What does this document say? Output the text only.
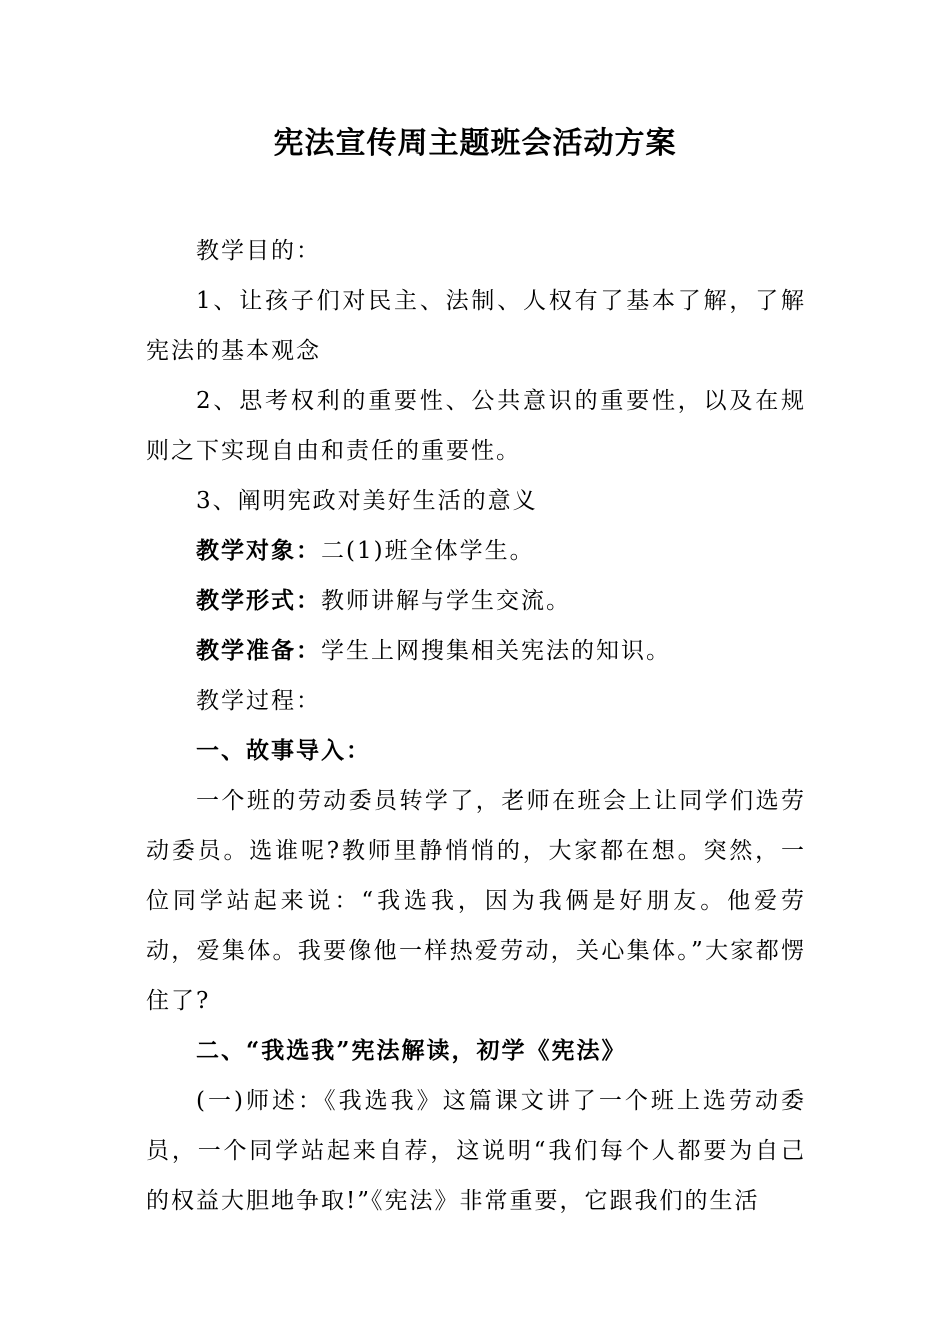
宪法宣传周主题班会活动方案

教学目的：

1、让孩子们对民主、法制、人权有了基本了解，了解宪法的基本观念

2、思考权利的重要性、公共意识的重要性，以及在规则之下实现自由和责任的重要性。

3、阐明宪政对美好生活的意义

教学对象：二(1)班全体学生。

教学形式：教师讲解与学生交流。

教学准备：学生上网搜集相关宪法的知识。

教学过程：

一、故事导入：

一个班的劳动委员转学了，老师在班会上让同学们选劳动委员。选谁呢?教师里静悄悄的，大家都在想。突然，一位同学站起来说：“我选我，因为我俩是好朋友。他爱劳动，爱集体。我要像他一样热爱劳动，关心集体。”大家都愣住了?

二、“我选我”宪法解读，初学《宪法》

(一)师述：《我选我》这篇课文讲了一个班上选劳动委员，一个同学站起来自荐，这说明“我们每个人都要为自己的权益大胆地争取!”《宪法》非常重要，它跟我们的生活
